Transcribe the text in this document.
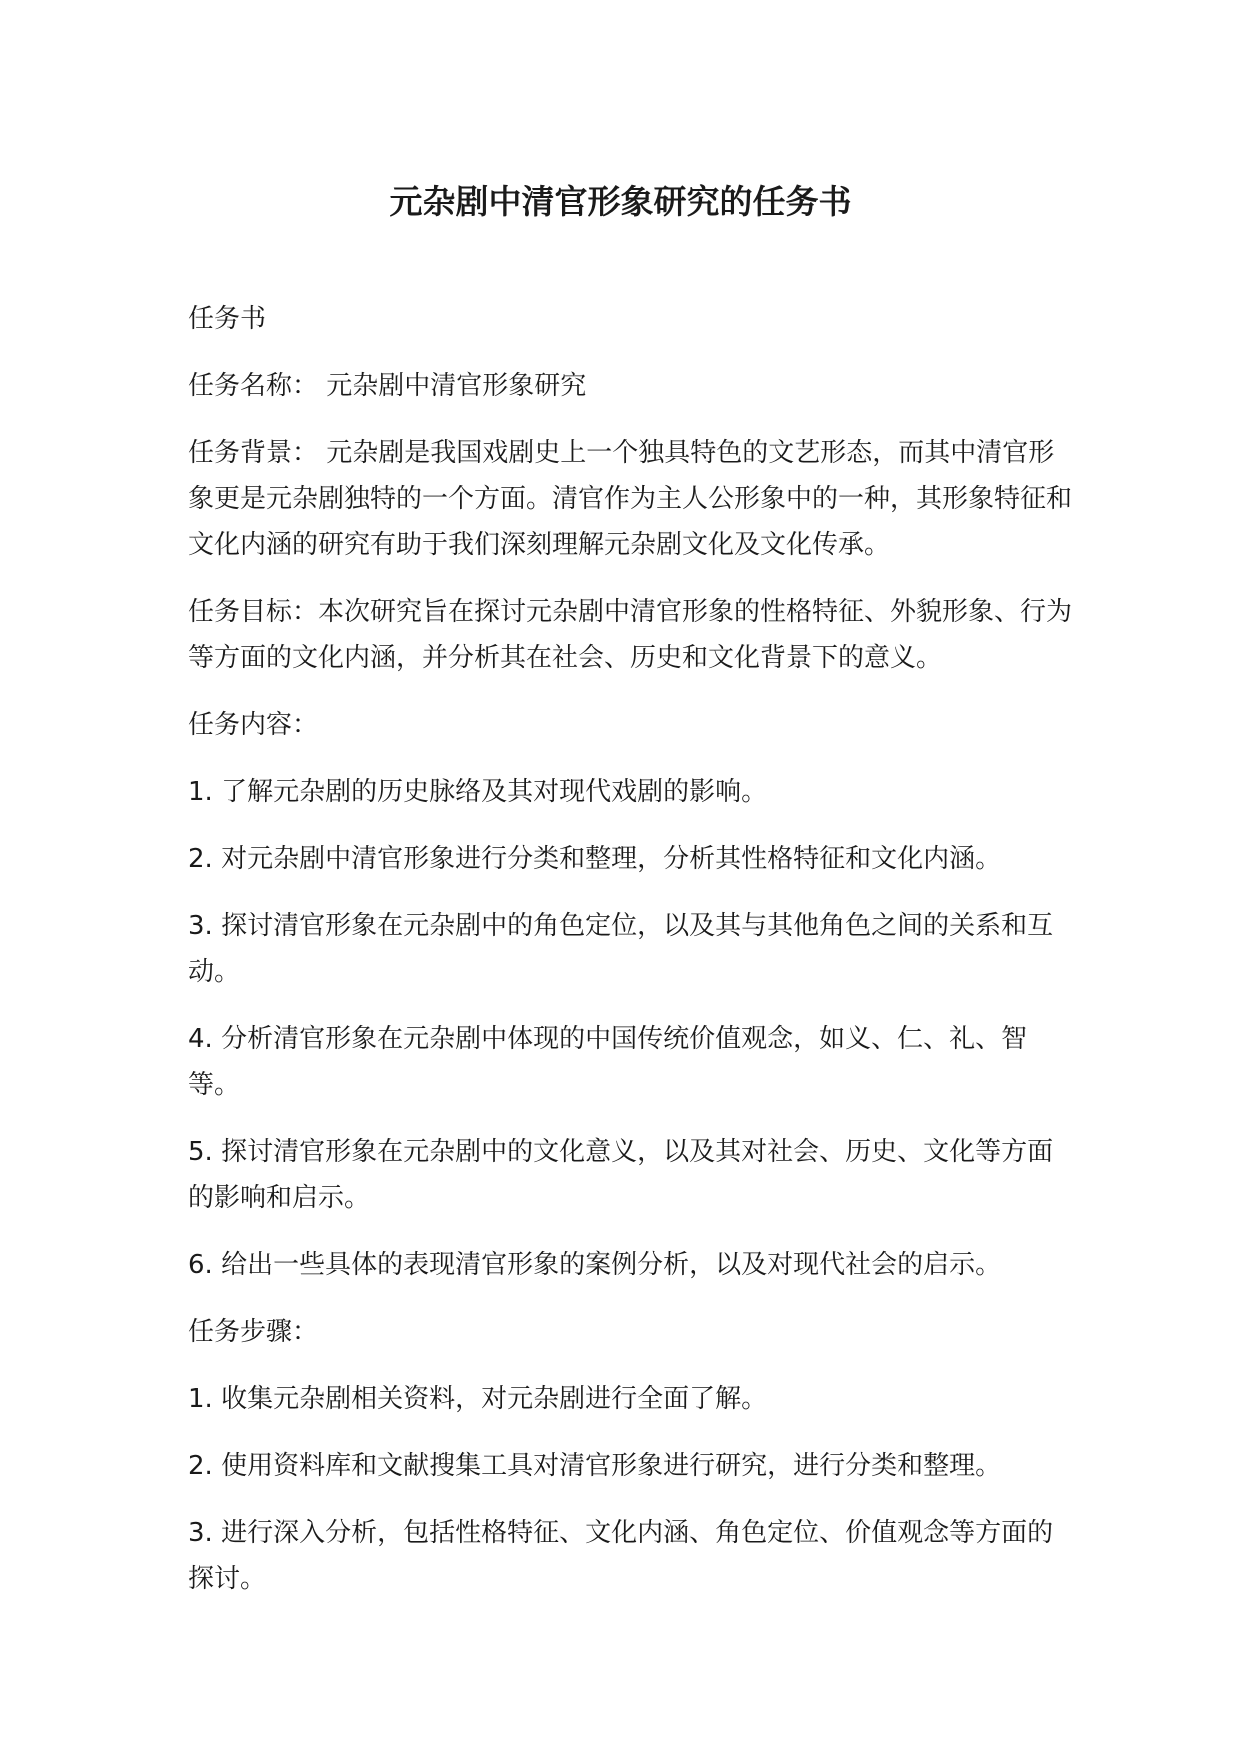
元杂剧中清官形象研究的任务书

任务书

任务名称： 元杂剧中清官形象研究

任务背景： 元杂剧是我国戏剧史上一个独具特色的文艺形态，而其中清官形象更是元杂剧独特的一个方面。清官作为主人公形象中的一种，其形象特征和文化内涵的研究有助于我们深刻理解元杂剧文化及文化传承。

任务目标：本次研究旨在探讨元杂剧中清官形象的性格特征、外貌形象、行为等方面的文化内涵，并分析其在社会、历史和文化背景下的意义。

任务内容：

1. 了解元杂剧的历史脉络及其对现代戏剧的影响。

2. 对元杂剧中清官形象进行分类和整理，分析其性格特征和文化内涵。

3. 探讨清官形象在元杂剧中的角色定位，以及其与其他角色之间的关系和互动。

4. 分析清官形象在元杂剧中体现的中国传统价值观念，如义、仁、礼、智等。

5. 探讨清官形象在元杂剧中的文化意义，以及其对社会、历史、文化等方面的影响和启示。

6. 给出一些具体的表现清官形象的案例分析，以及对现代社会的启示。

任务步骤：

1. 收集元杂剧相关资料，对元杂剧进行全面了解。

2. 使用资料库和文献搜集工具对清官形象进行研究，进行分类和整理。

3. 进行深入分析，包括性格特征、文化内涵、角色定位、价值观念等方面的探讨。
